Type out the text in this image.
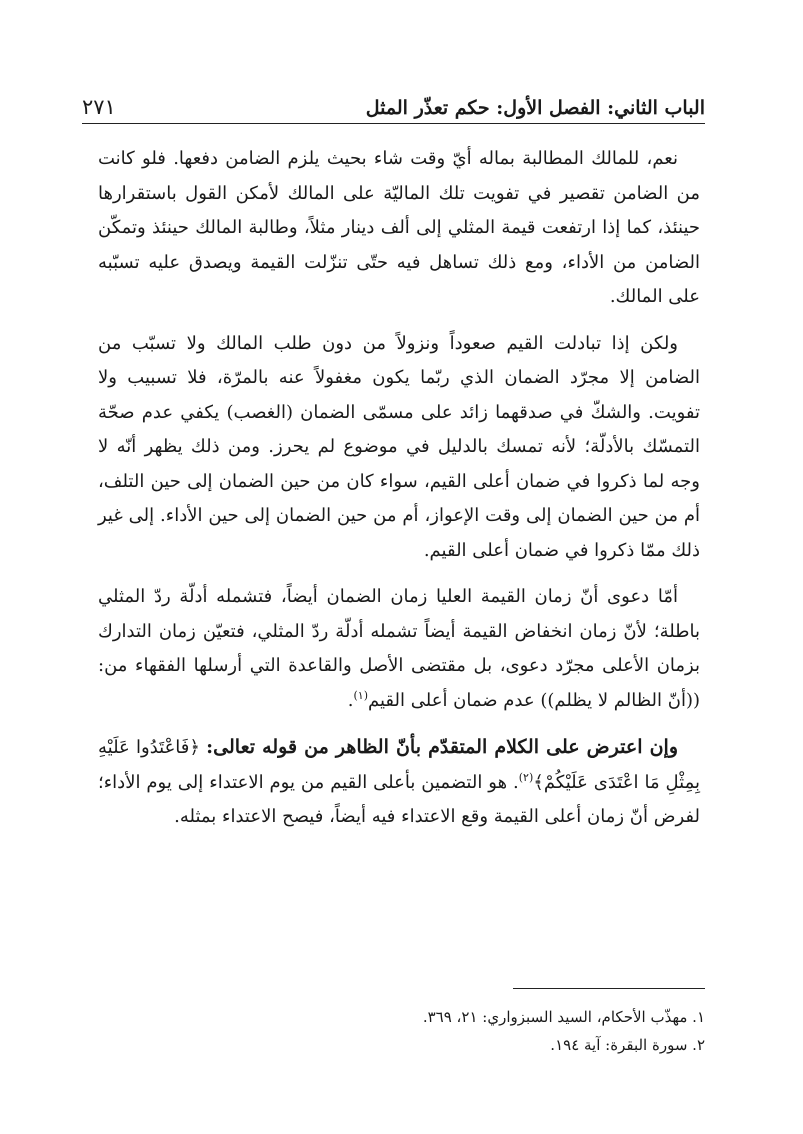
الباب الثاني: الفصل الأول: حكم تعذّر المثل
٢٧١

نعم، للمالك المطالبة بماله أيّ وقت شاء بحيث يلزم الضامن دفعها. فلو كانت من الضامن تقصير في تفويت تلك الماليّة على المالك لأمكن القول باستقرارها حينئذ، كما إذا ارتفعت قيمة المثلي إلى ألف دينار مثلاً، وطالبة المالك حينئذ وتمكّن الضامن من الأداء، ومع ذلك تساهل فيه حتّى تنزّلت القيمة ويصدق عليه تسبّبه على المالك.

ولكن إذا تبادلت القيم صعوداً ونزولاً من دون طلب المالك ولا تسبّب من الضامن إلا مجرّد الضمان الذي ربّما يكون مغفولاً عنه بالمرّة، فلا تسبيب ولا تفويت. والشكّ في صدقهما زائد على مسمّى الضمان (الغصب) يكفي عدم صحّة التمسّك بالأدلّة؛ لأنه تمسك بالدليل في موضوع لم يحرز. ومن ذلك يظهر أنّه لا وجه لما ذكروا في ضمان أعلى القيم، سواء كان من حين الضمان إلى حين التلف، أم من حين الضمان إلى وقت الإعواز، أم من حين الضمان إلى حين الأداء. إلى غير ذلك ممّا ذكروا في ضمان أعلى القيم.

أمّا دعوى أنّ زمان القيمة العليا زمان الضمان أيضاً، فتشمله أدلّة ردّ المثلي باطلة؛ لأنّ زمان انخفاض القيمة أيضاً تشمله أدلّة ردّ المثلي، فتعيّن زمان التدارك بزمان الأعلى مجرّد دعوى، بل مقتضى الأصل والقاعدة التي أرسلها الفقهاء من: ((أنّ الظالم لا يظلم)) عدم ضمان أعلى القيم$^{(١)}$.

وإن اعترض على الكلام المتقدّم بأنّ الظاهر من قوله تعالى: ﴿فَاعْتَدُوا عَلَيْهِ بِمِثْلِ مَا اعْتَدَى عَلَيْكُمْ﴾$^{(٢)}$. هو التضمين بأعلى القيم من يوم الاعتداء إلى يوم الأداء؛ لفرض أنّ زمان أعلى القيمة وقع الاعتداء فيه أيضاً، فيصح الاعتداء بمثله.

١. مهذّب الأحكام، السيد السبزواري: ٢١، ٣٦٩.

٢. سورة البقرة: آية ١٩٤.
